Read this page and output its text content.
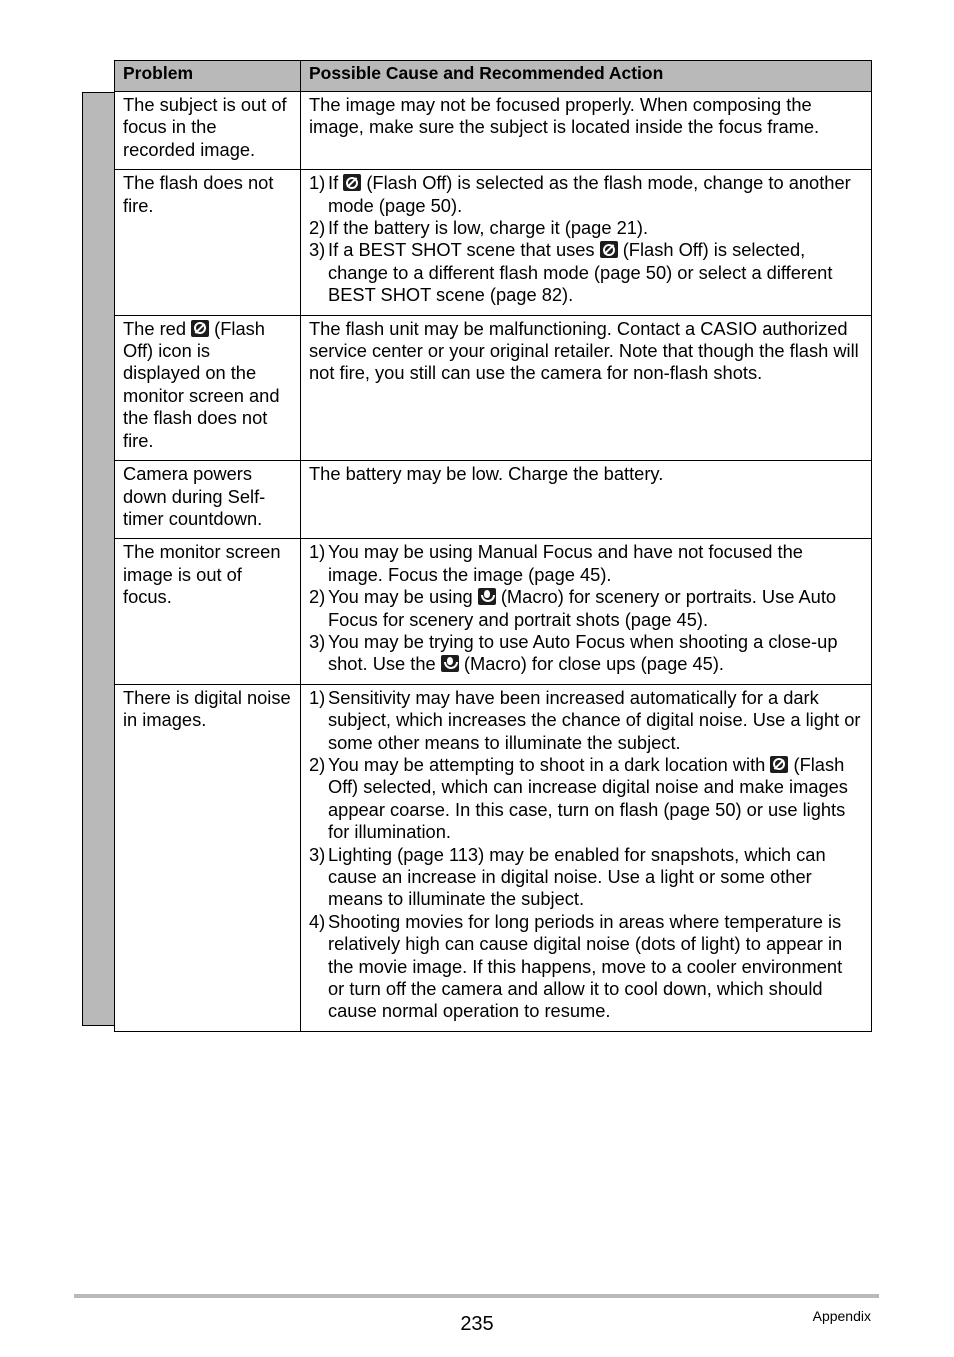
Problem	Possible Cause and Recommended Action
The subject is out of focus in the recorded image.	The image may not be focused properly. When composing the image, make sure the subject is located inside the focus frame.
The flash does not fire.	1) If  (Flash Off) is selected as the flash mode, change to another mode (page 50).
2) If the battery is low, charge it (page 21).
3) If a BEST SHOT scene that uses  (Flash Off) is selected, change to a different flash mode (page 50) or select a different BEST SHOT scene (page 82).

The red  (Flash Off) icon is displayed on the monitor screen and the flash does not fire.	The flash unit may be malfunctioning. Contact a CASIO authorized service center or your original retailer. Note that though the flash will not fire, you still can use the camera for non-flash shots.
Camera powers down during Self-timer countdown.	The battery may be low. Charge the battery.
The monitor screen image is out of focus.	1) You may be using Manual Focus and have not focused the image. Focus the image (page 45).
2) You may be using  (Macro) for scenery or portraits. Use Auto Focus for scenery and portrait shots (page 45).
3) You may be trying to use Auto Focus when shooting a close-up shot. Use the  (Macro) for close ups (page 45).

There is digital noise in images.	1) Sensitivity may have been increased automatically for a dark subject, which increases the chance of digital noise. Use a light or some other means to illuminate the subject.
2) You may be attempting to shoot in a dark location with  (Flash Off) selected, which can increase digital noise and make images appear coarse. In this case, turn on flash (page 50) or use lights for illumination.
3) Lighting (page 113) may be enabled for snapshots, which can cause an increase in digital noise. Use a light or some other means to illuminate the subject.
4) Shooting movies for long periods in areas where temperature is relatively high can cause digital noise (dots of light) to appear in the movie image. If this happens, move to a cooler environment or turn off the camera and allow it to cool down, which should cause normal operation to resume.
235	Appendix
